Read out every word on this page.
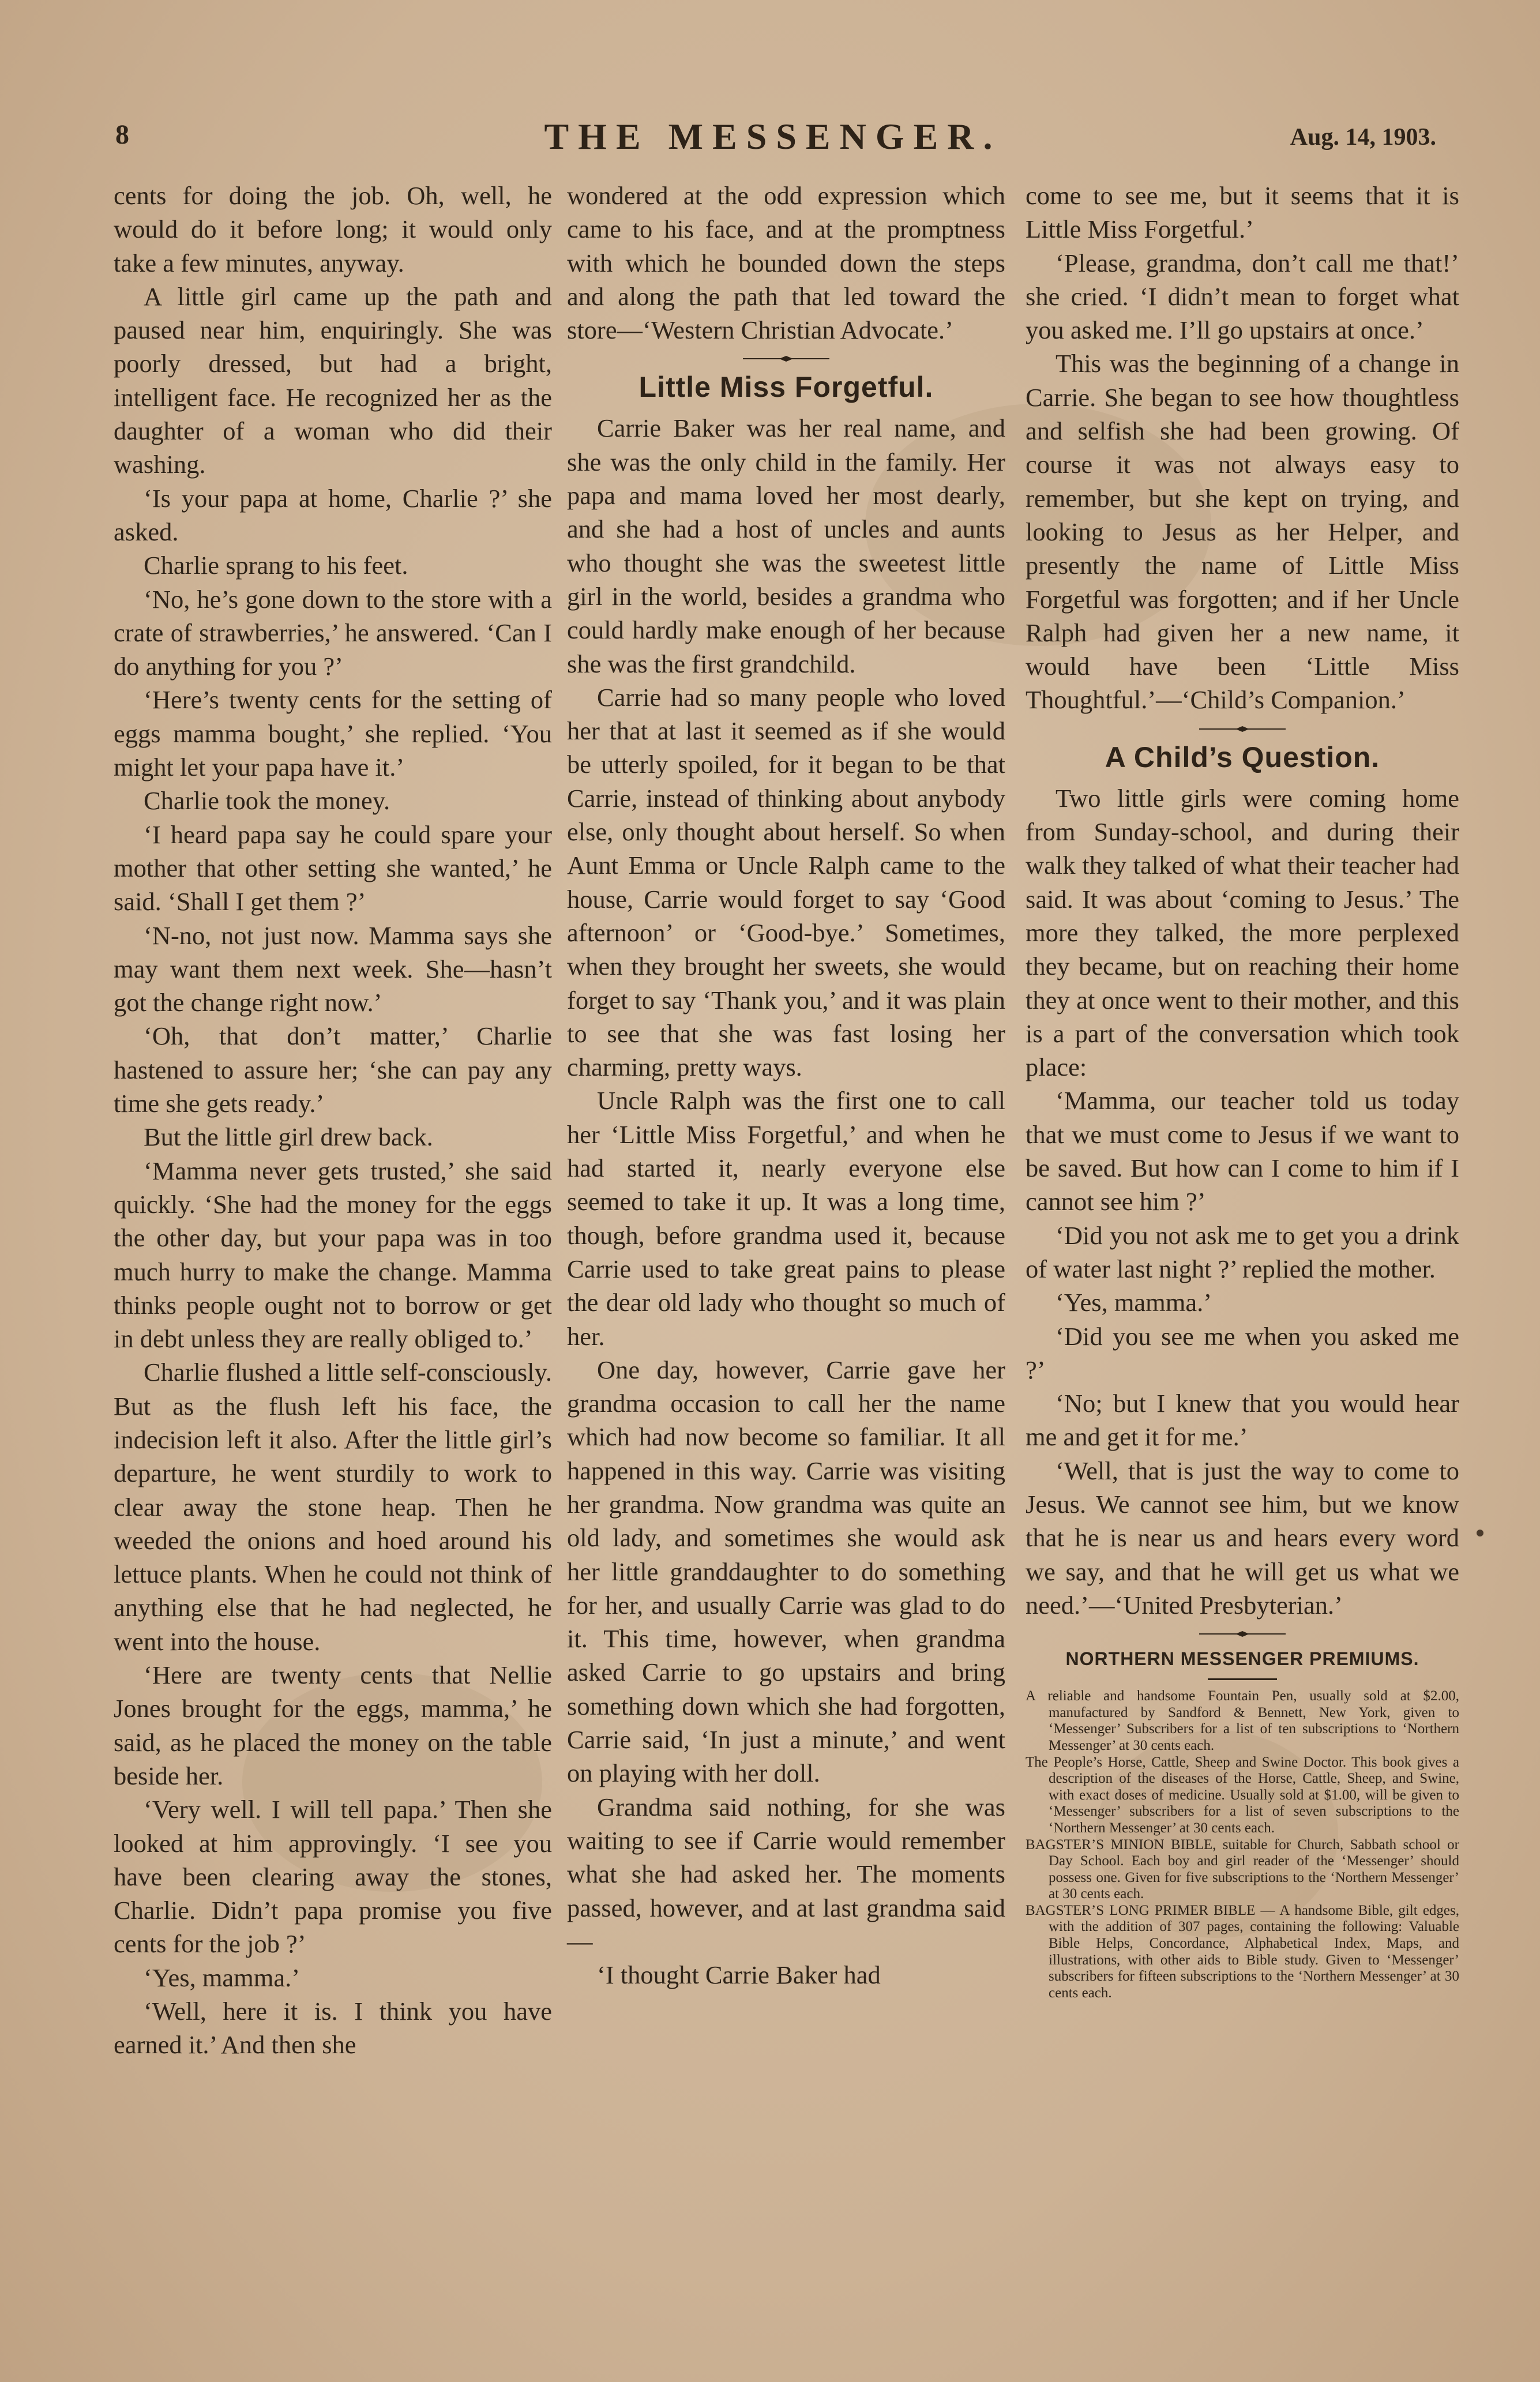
8	THE MESSENGER.	Aug. 14, 1903.

cents for doing the job. Oh, well, he would do it before long; it would only take a few minutes, anyway.

A little girl came up the path and paused near him, enquiringly. She was poorly dressed, but had a bright, intelligent face. He recognized her as the daughter of a woman who did their washing.

‘Is your papa at home, Charlie ?’ she asked.

Charlie sprang to his feet.

‘No, he’s gone down to the store with a crate of strawberries,’ he answered. ‘Can I do anything for you ?’

‘Here’s twenty cents for the setting of eggs mamma bought,’ she replied. ‘You might let your papa have it.’

Charlie took the money.

‘I heard papa say he could spare your mother that other setting she wanted,’ he said. ‘Shall I get them ?’

‘N-no, not just now. Mamma says she may want them next week. She—hasn’t got the change right now.’

‘Oh, that don’t matter,’ Charlie hastened to assure her; ‘she can pay any time she gets ready.’

But the little girl drew back.

‘Mamma never gets trusted,’ she said quickly. ‘She had the money for the eggs the other day, but your papa was in too much hurry to make the change. Mamma thinks people ought not to borrow or get in debt unless they are really obliged to.’

Charlie flushed a little self-consciously. But as the flush left his face, the indecision left it also. After the little girl’s departure, he went sturdily to work to clear away the stone heap. Then he weeded the onions and hoed around his lettuce plants. When he could not think of anything else that he had neglected, he went into the house.

‘Here are twenty cents that Nellie Jones brought for the eggs, mamma,’ he said, as he placed the money on the table beside her.

‘Very well. I will tell papa.’ Then she looked at him approvingly. ‘I see you have been clearing away the stones, Charlie. Didn’t papa promise you five cents for the job ?’

‘Yes, mamma.’

‘Well, here it is. I think you have earned it.’ And then she

wondered at the odd expression which came to his face, and at the promptness with which he bounded down the steps and along the path that led toward the store—‘Western Christian Advocate.’

Little Miss Forgetful.

Carrie Baker was her real name, and she was the only child in the family. Her papa and mama loved her most dearly, and she had a host of uncles and aunts who thought she was the sweetest little girl in the world, besides a grandma who could hardly make enough of her because she was the first grandchild.

Carrie had so many people who loved her that at last it seemed as if she would be utterly spoiled, for it began to be that Carrie, instead of thinking about anybody else, only thought about herself. So when Aunt Emma or Uncle Ralph came to the house, Carrie would forget to say ‘Good afternoon’ or ‘Good-bye.’ Sometimes, when they brought her sweets, she would forget to say ‘Thank you,’ and it was plain to see that she was fast losing her charming, pretty ways.

Uncle Ralph was the first one to call her ‘Little Miss Forgetful,’ and when he had started it, nearly everyone else seemed to take it up. It was a long time, though, before grandma used it, because Carrie used to take great pains to please the dear old lady who thought so much of her.

One day, however, Carrie gave her grandma occasion to call her the name which had now become so familiar. It all happened in this way. Carrie was visiting her grandma. Now grandma was quite an old lady, and sometimes she would ask her little granddaughter to do something for her, and usually Carrie was glad to do it. This time, however, when grandma asked Carrie to go upstairs and bring something down which she had forgotten, Carrie said, ‘In just a minute,’ and went on playing with her doll.

Grandma said nothing, for she was waiting to see if Carrie would remember what she had asked her. The moments passed, however, and at last grandma said—

‘I thought Carrie Baker had

come to see me, but it seems that it is Little Miss Forgetful.’

‘Please, grandma, don’t call me that!’ she cried. ‘I didn’t mean to forget what you asked me. I’ll go upstairs at once.’

This was the beginning of a change in Carrie. She began to see how thoughtless and selfish she had been growing. Of course it was not always easy to remember, but she kept on trying, and looking to Jesus as her Helper, and presently the name of Little Miss Forgetful was forgotten; and if her Uncle Ralph had given her a new name, it would have been ‘Little Miss Thoughtful.’—‘Child’s Companion.’

A Child’s Question.

Two little girls were coming home from Sunday-school, and during their walk they talked of what their teacher had said. It was about ‘coming to Jesus.’ The more they talked, the more perplexed they became, but on reaching their home they at once went to their mother, and this is a part of the conversation which took place:

‘Mamma, our teacher told us today that we must come to Jesus if we want to be saved. But how can I come to him if I cannot see him ?’

‘Did you not ask me to get you a drink of water last night ?’ replied the mother.

‘Yes, mamma.’

‘Did you see me when you asked me ?’

‘No; but I knew that you would hear me and get it for me.’

‘Well, that is just the way to come to Jesus. We cannot see him, but we know that he is near us and hears every word we say, and that he will get us what we need.’—‘United Presbyterian.’

NORTHERN MESSENGER PREMIUMS.

A reliable and handsome Fountain Pen, usually sold at $2.00, manufactured by Sandford & Bennett, New York, given to ‘Messenger’ Subscribers for a list of ten subscriptions to ‘Northern Messenger’ at 30 cents each.

The People’s Horse, Cattle, Sheep and Swine Doctor. This book gives a description of the diseases of the Horse, Cattle, Sheep, and Swine, with exact doses of medicine. Usually sold at $1.00, will be given to ‘Messenger’ subscribers for a list of seven subscriptions to the ‘Northern Messenger’ at 30 cents each.

BAGSTER’S MINION BIBLE, suitable for Church, Sabbath school or Day School. Each boy and girl reader of the ‘Messenger’ should possess one. Given for five subscriptions to the ‘Northern Messenger’ at 30 cents each.

BAGSTER’S LONG PRIMER BIBLE — A handsome Bible, gilt edges, with the addition of 307 pages, containing the following: Valuable Bible Helps, Concordance, Alphabetical Index, Maps, and illustrations, with other aids to Bible study. Given to ‘Messenger’ subscribers for fifteen subscriptions to the ‘Northern Messenger’ at 30 cents each.
